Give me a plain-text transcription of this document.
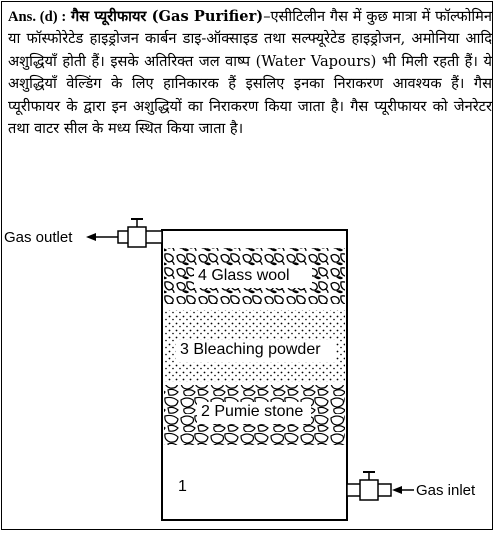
Ans. (d) : गैस प्यूरीफायर (Gas Purifier)–एसीटिलीन गैस में कुछ मात्रा में फॉल्फोमिन या फॉस्फोरेटेड हाइड्रोजन कार्बन डाइ-ऑक्साइड तथा सल्फ्यूरेटेड हाइड्रोजन, अमोनिया आदि अशुद्धियाँ होती हैं। इसके अतिरिक्त जल वाष्प (Water Vapours) भी मिली रहती हैं। ये अशुद्धियाँ वेल्डिंग के लिए हानिकारक हैं इसलिए इनका निराकरण आवश्यक हैं। गैस प्यूरीफायर के द्वारा इन अशुद्धियों का निराकरण किया जाता है। गैस प्यूरीफायर को जेनरेटर तथा वाटर सील के मध्य स्थित किया जाता है।

Gas outlet
Gas inlet
4 Glass wool
3 Bleaching powder
2 Pumie stone
1
